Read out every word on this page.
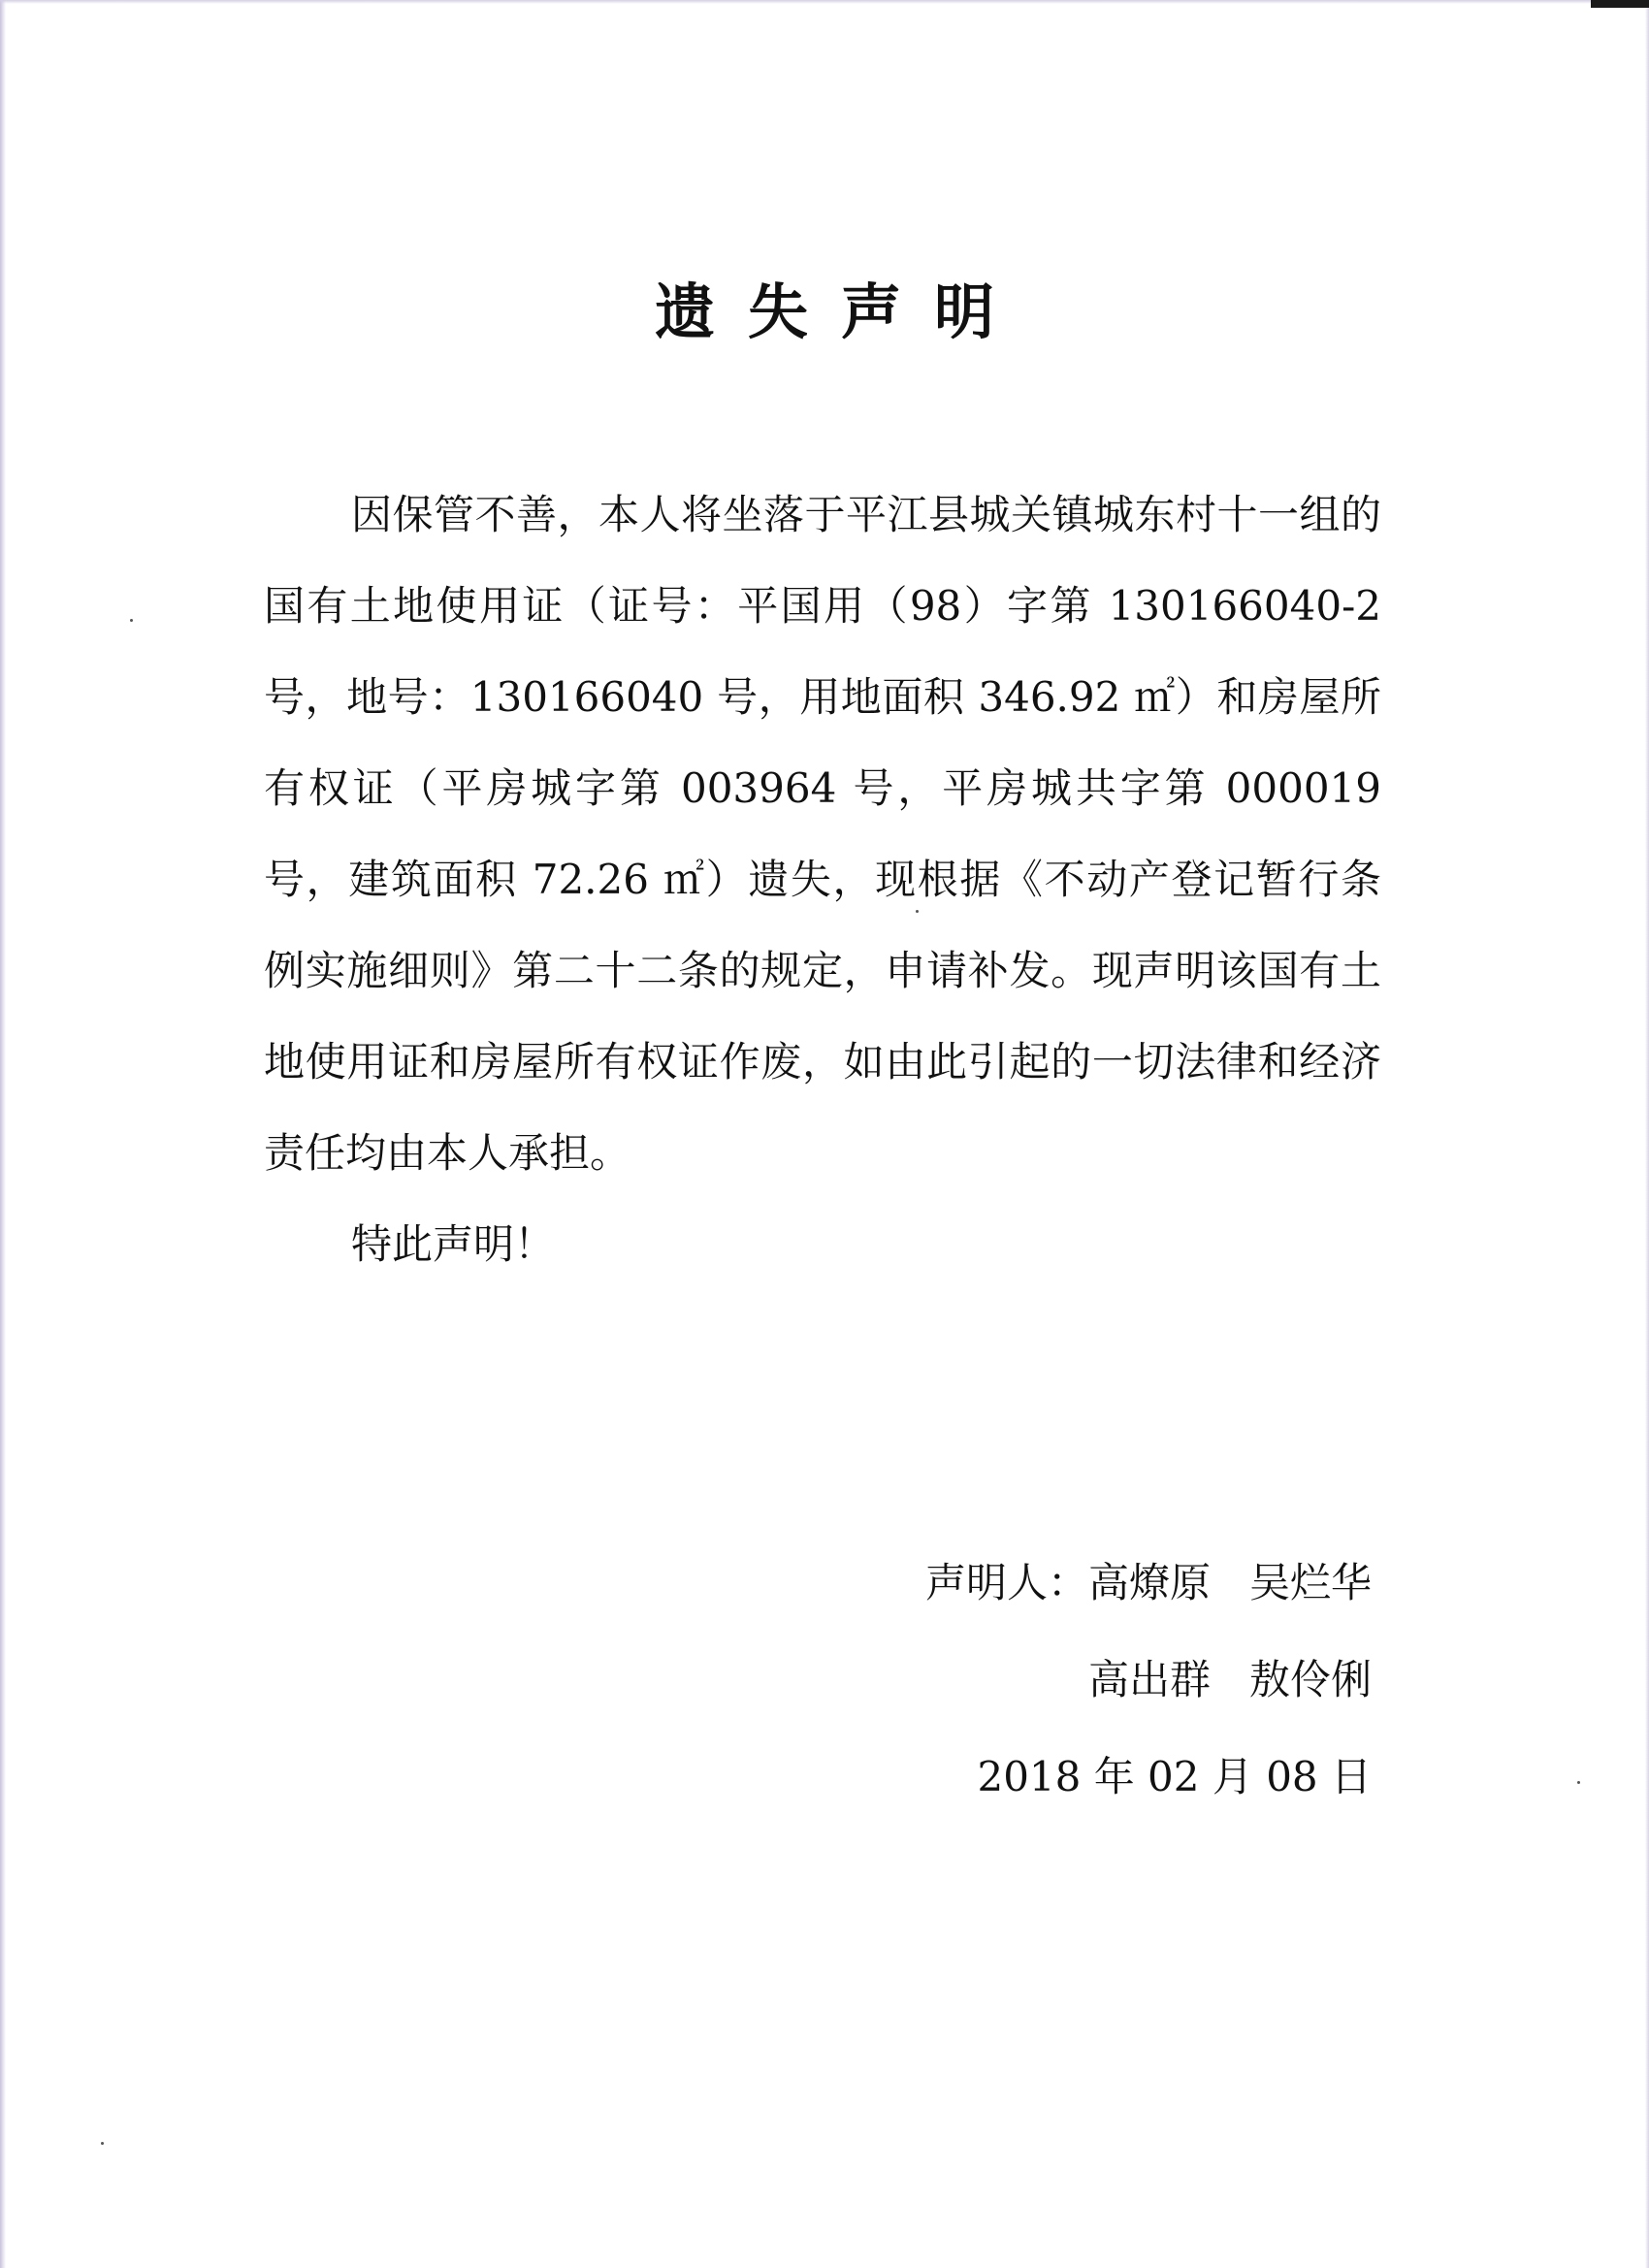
遗失声明

因保管不善，本人将坐落于平江县城关镇城东村十一组的国有土地使用证（证号：平国用（98）字第 130166040-2号，地号：130166040 号，用地面积 346.92 ㎡）和房屋所有权证（平房城字第 003964 号，平房城共字第 000019 号，建筑面积 72.26 ㎡）遗失，现根据《不动产登记暂行条例实施细则》第二十二条的规定，申请补发。现声明该国有土地使用证和房屋所有权证作废，如由此引起的一切法律和经济责任均由本人承担。

特此声明！

声明人：高燎原 吴烂华
高出群 敖伶俐
2018 年 02 月 08 日
